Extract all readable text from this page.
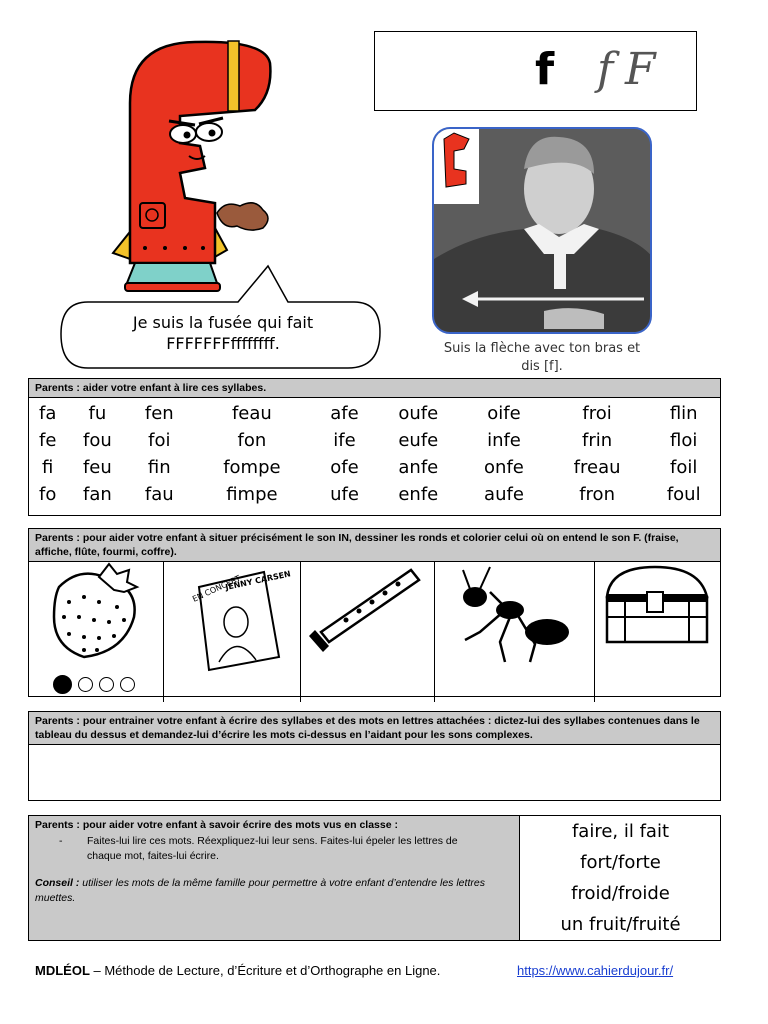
Je suis la fusée qui fait
FFFFFFFffffffff.
f f F
Suis la flèche avec ton bras et
dis [f].
Parents : aider votre enfant à lire ces syllabes.
fa	fu	fen	feau	afe	oufe	oife	froi	flin
fe	fou	foi	fon	ife	eufe	infe	frin	floi
fi	feu	fin	fompe	ofe	anfe	onfe	freau	foil
fo	fan	fau	fimpe	ufe	enfe	aufe	fron	foul
Parents : pour aider votre enfant à situer précisément le son IN, dessiner les ronds et colorier celui où on entend le son F. (fraise, affiche, flûte, fourmi, coffre).
EN CONCERT
JENNY CARSEN
Parents : pour entrainer votre enfant à écrire des syllabes et des mots en lettres attachées : dictez-lui des syllabes contenues dans le tableau du dessus et demandez-lui d’écrire les mots ci-dessus en l’aidant pour les sons complexes.
Parents : pour aider votre enfant à savoir écrire des mots vus en classe :
-	Faites-lui lire ces mots. Réexpliquez-lui leur sens. Faites-lui épeler les lettres de chaque mot, faites-lui écrire.
Conseil : utiliser les mots de la même famille pour permettre à votre enfant d’entendre les lettres muettes.
faire, il fait
fort/forte
froid/froide
un fruit/fruité
MDLÉOL – Méthode de Lecture, d’Écriture et d’Orthographe en Ligne.	https://www.cahierdujour.fr/
